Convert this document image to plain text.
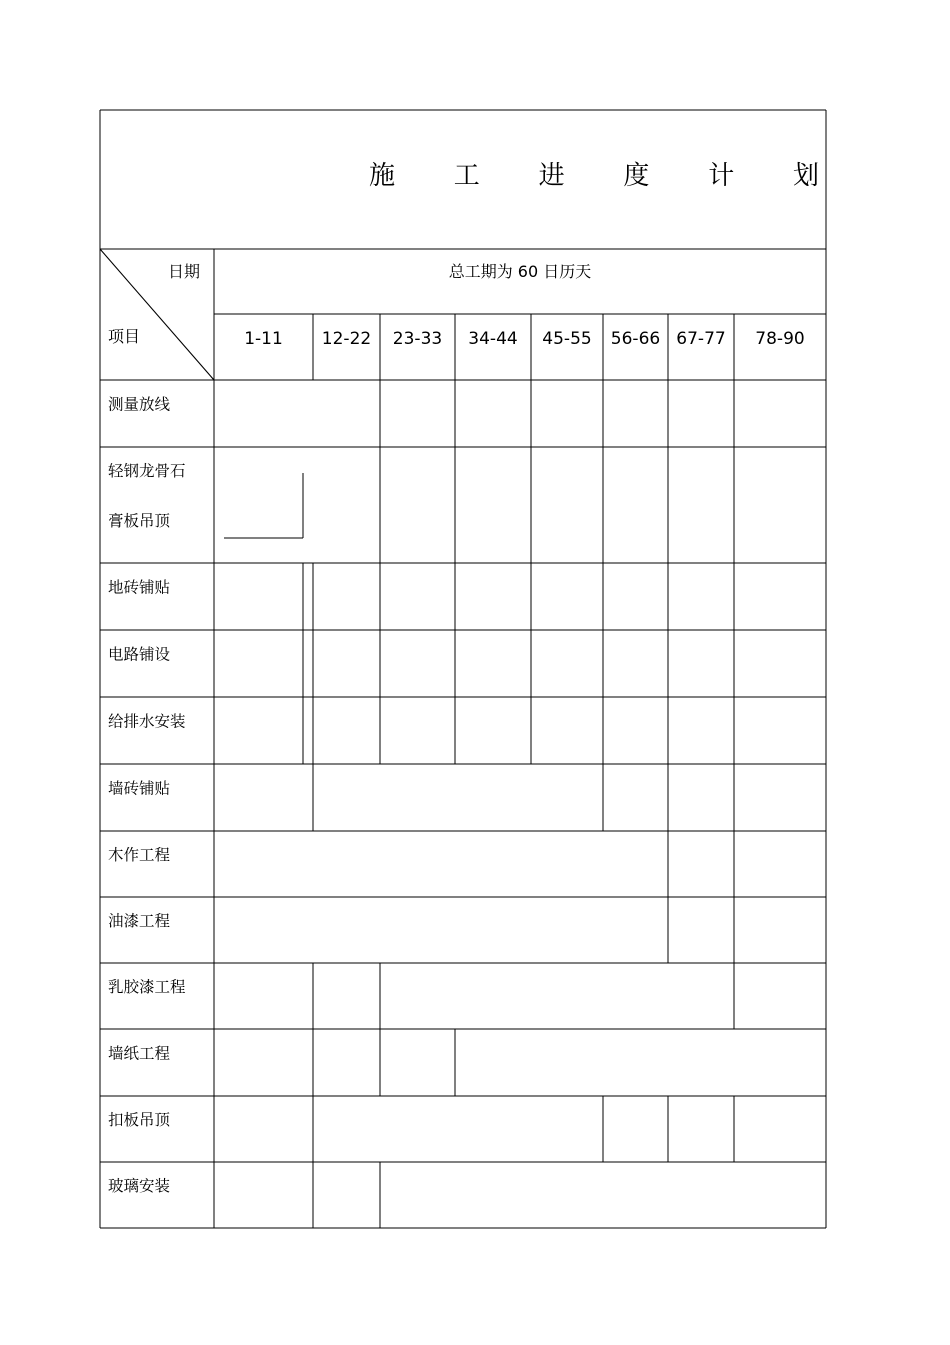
施 工 进 度 计 划
日期
项目
总工期为 60 日历天
1-11 12-22 23-33 34-44 45-55 56-66 67-77 78-90
测量放线
轻钢龙骨石
膏板吊顶
地砖铺贴
电路铺设
给排水安装
墙砖铺贴
木作工程
油漆工程
乳胶漆工程
墙纸工程
扣板吊顶
玻璃安装
